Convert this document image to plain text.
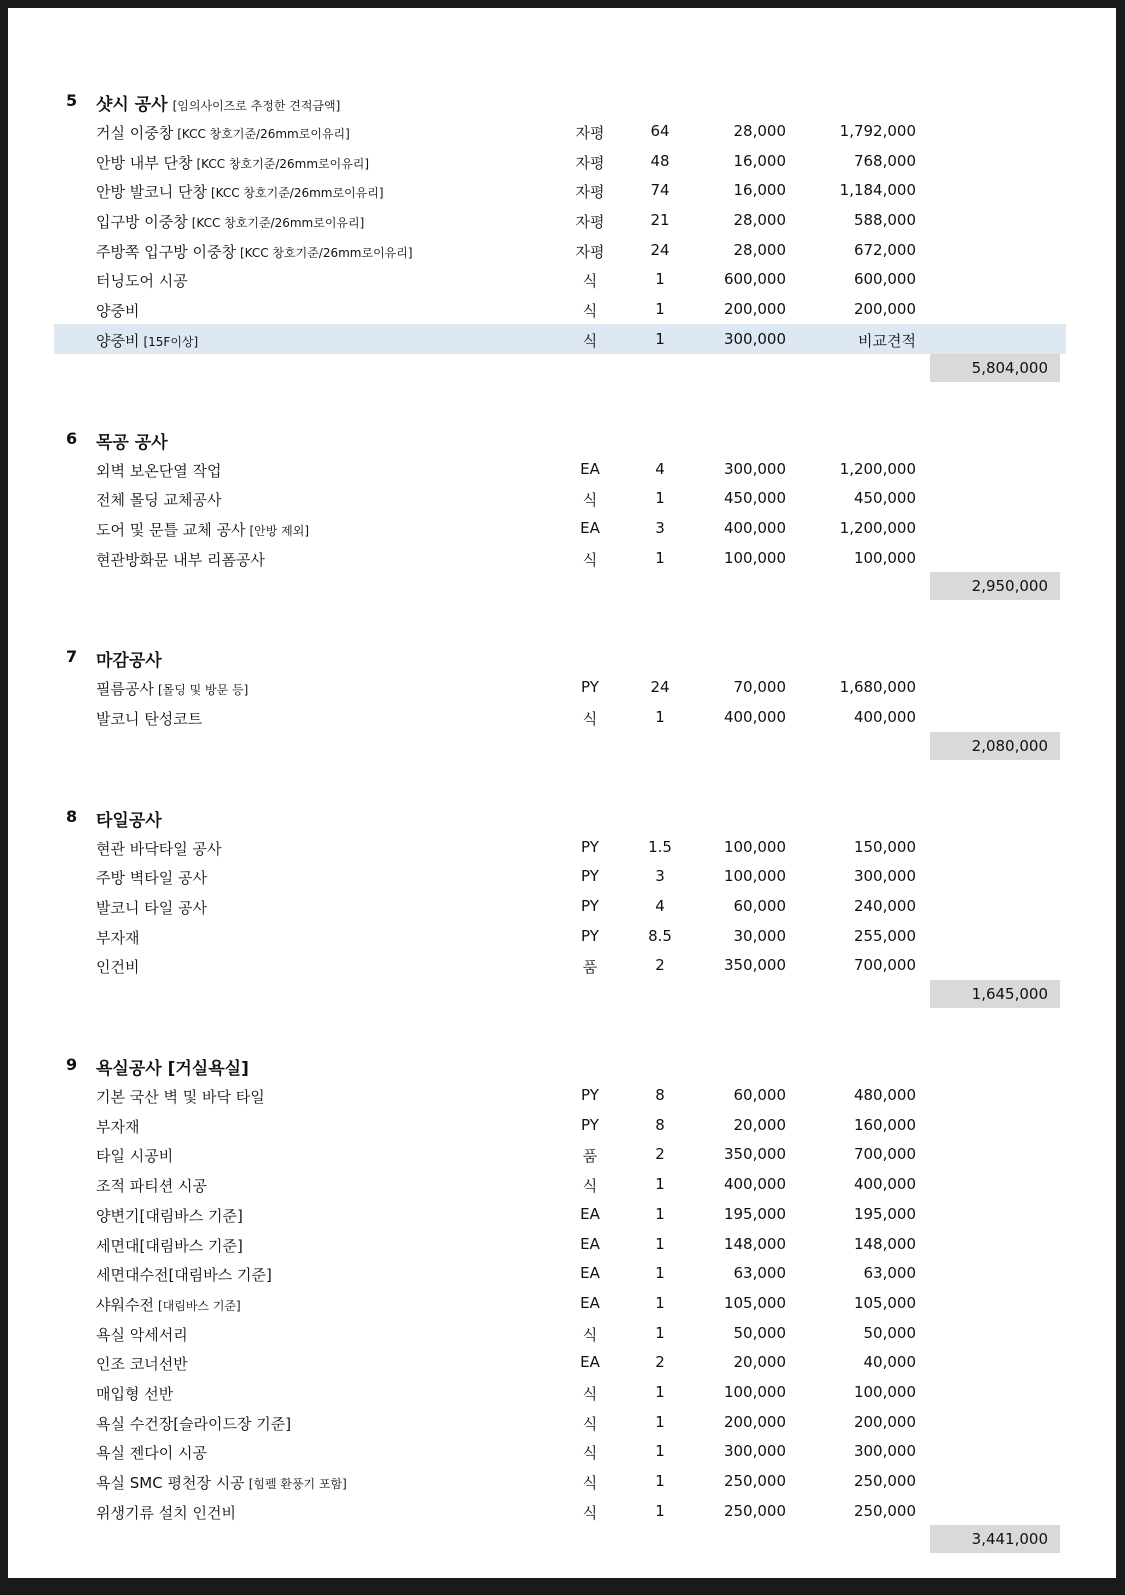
5 샷시 공사 [임의사이즈로 추정한 견적금액]
거실 이중창 [KCC 창호기준/26mm로이유리]	자평	64	28,000	1,792,000
안방 내부 단창 [KCC 창호기준/26mm로이유리]	자평	48	16,000	768,000
안방 발코니 단창 [KCC 창호기준/26mm로이유리]	자평	74	16,000	1,184,000
입구방 이중창 [KCC 창호기준/26mm로이유리]	자평	21	28,000	588,000
주방쪽 입구방 이중창 [KCC 창호기준/26mm로이유리]	자평	24	28,000	672,000
터닝도어 시공	식	1	600,000	600,000
양중비	식	1	200,000	200,000
양중비 [15F이상]	식	1	300,000	비교견적
5,804,000
6 목공 공사
외벽 보온단열 작업	EA	4	300,000	1,200,000
전체 몰딩 교체공사	식	1	450,000	450,000
도어 및 문틀 교체 공사 [안방 제외]	EA	3	400,000	1,200,000
현관방화문 내부 리폼공사	식	1	100,000	100,000
2,950,000
7 마감공사
필름공사 [몰딩 및 방문 등]	PY	24	70,000	1,680,000
발코니 탄성코트	식	1	400,000	400,000
2,080,000
8 타일공사
현관 바닥타일 공사	PY	1.5	100,000	150,000
주방 벽타일 공사	PY	3	100,000	300,000
발코니 타일 공사	PY	4	60,000	240,000
부자재	PY	8.5	30,000	255,000
인건비	품	2	350,000	700,000
1,645,000
9 욕실공사 [거실욕실]
기본 국산 벽 및 바닥 타일	PY	8	60,000	480,000
부자재	PY	8	20,000	160,000
타일 시공비	품	2	350,000	700,000
조적 파티션 시공	식	1	400,000	400,000
양변기[대림바스 기준]	EA	1	195,000	195,000
세면대[대림바스 기준]	EA	1	148,000	148,000
세면대수전[대림바스 기준]	EA	1	63,000	63,000
샤워수전 [대림바스 기준]	EA	1	105,000	105,000
욕실 악세서리	식	1	50,000	50,000
인조 코너선반	EA	2	20,000	40,000
매입형 선반	식	1	100,000	100,000
욕실 수건장[슬라이드장 기준]	식	1	200,000	200,000
욕실 젠다이 시공	식	1	300,000	300,000
욕실 SMC 평천장 시공 [힘펠 환풍기 포함]	식	1	250,000	250,000
위생기류 설치 인건비	식	1	250,000	250,000
3,441,000
